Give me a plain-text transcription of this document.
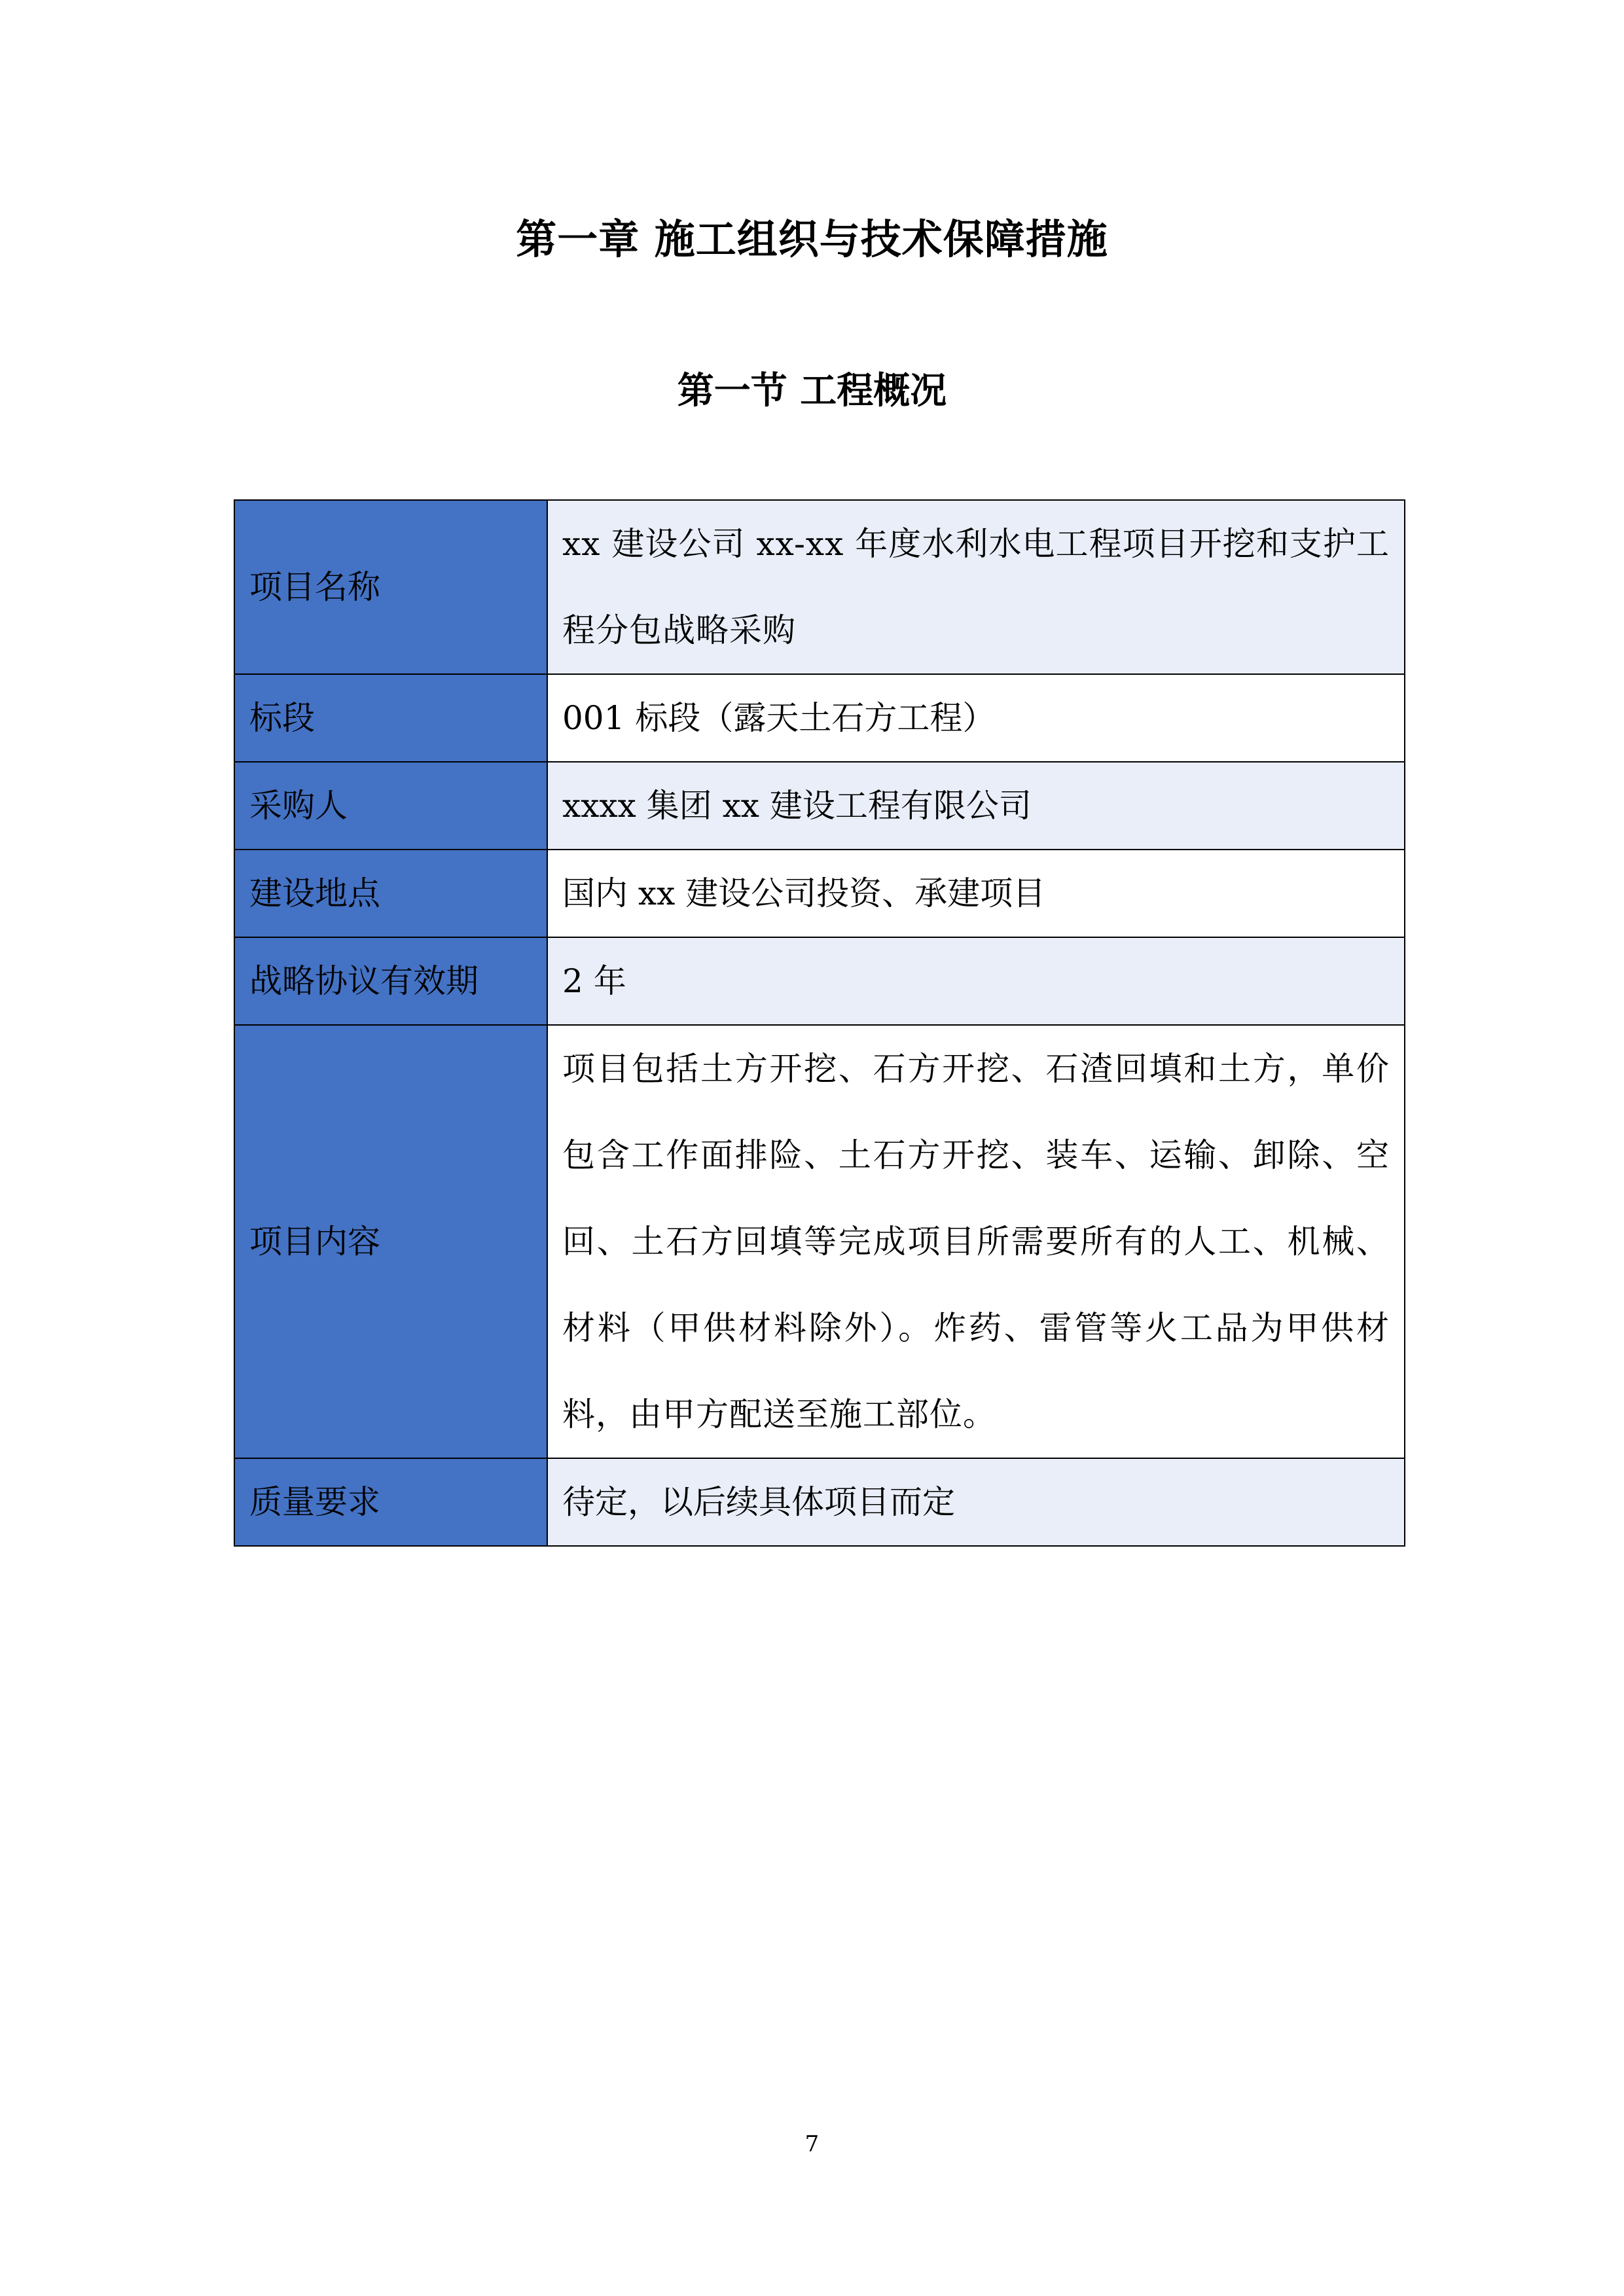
第一章 施工组织与技术保障措施
第一节 工程概况
项目名称	xx 建设公司 xx-xx 年度水利水电工程项目开挖和支护工程分包战略采购

标段	001 标段（露天土石方工程）
采购人	xxxx 集团 xx 建设工程有限公司
建设地点	国内 xx 建设公司投资、承建项目
战略协议有效期	2 年
项目内容	项目包括土方开挖、石方开挖、石渣回填和土方，单价包含工作面排险、土石方开挖、装车、运输、卸除、空回、土石方回填等完成项目所需要所有的人工、机械、材料（甲供材料除外）。炸药、雷管等火工品为甲供材料，由甲方配送至施工部位。

质量要求	待定，以后续具体项目而定
7
